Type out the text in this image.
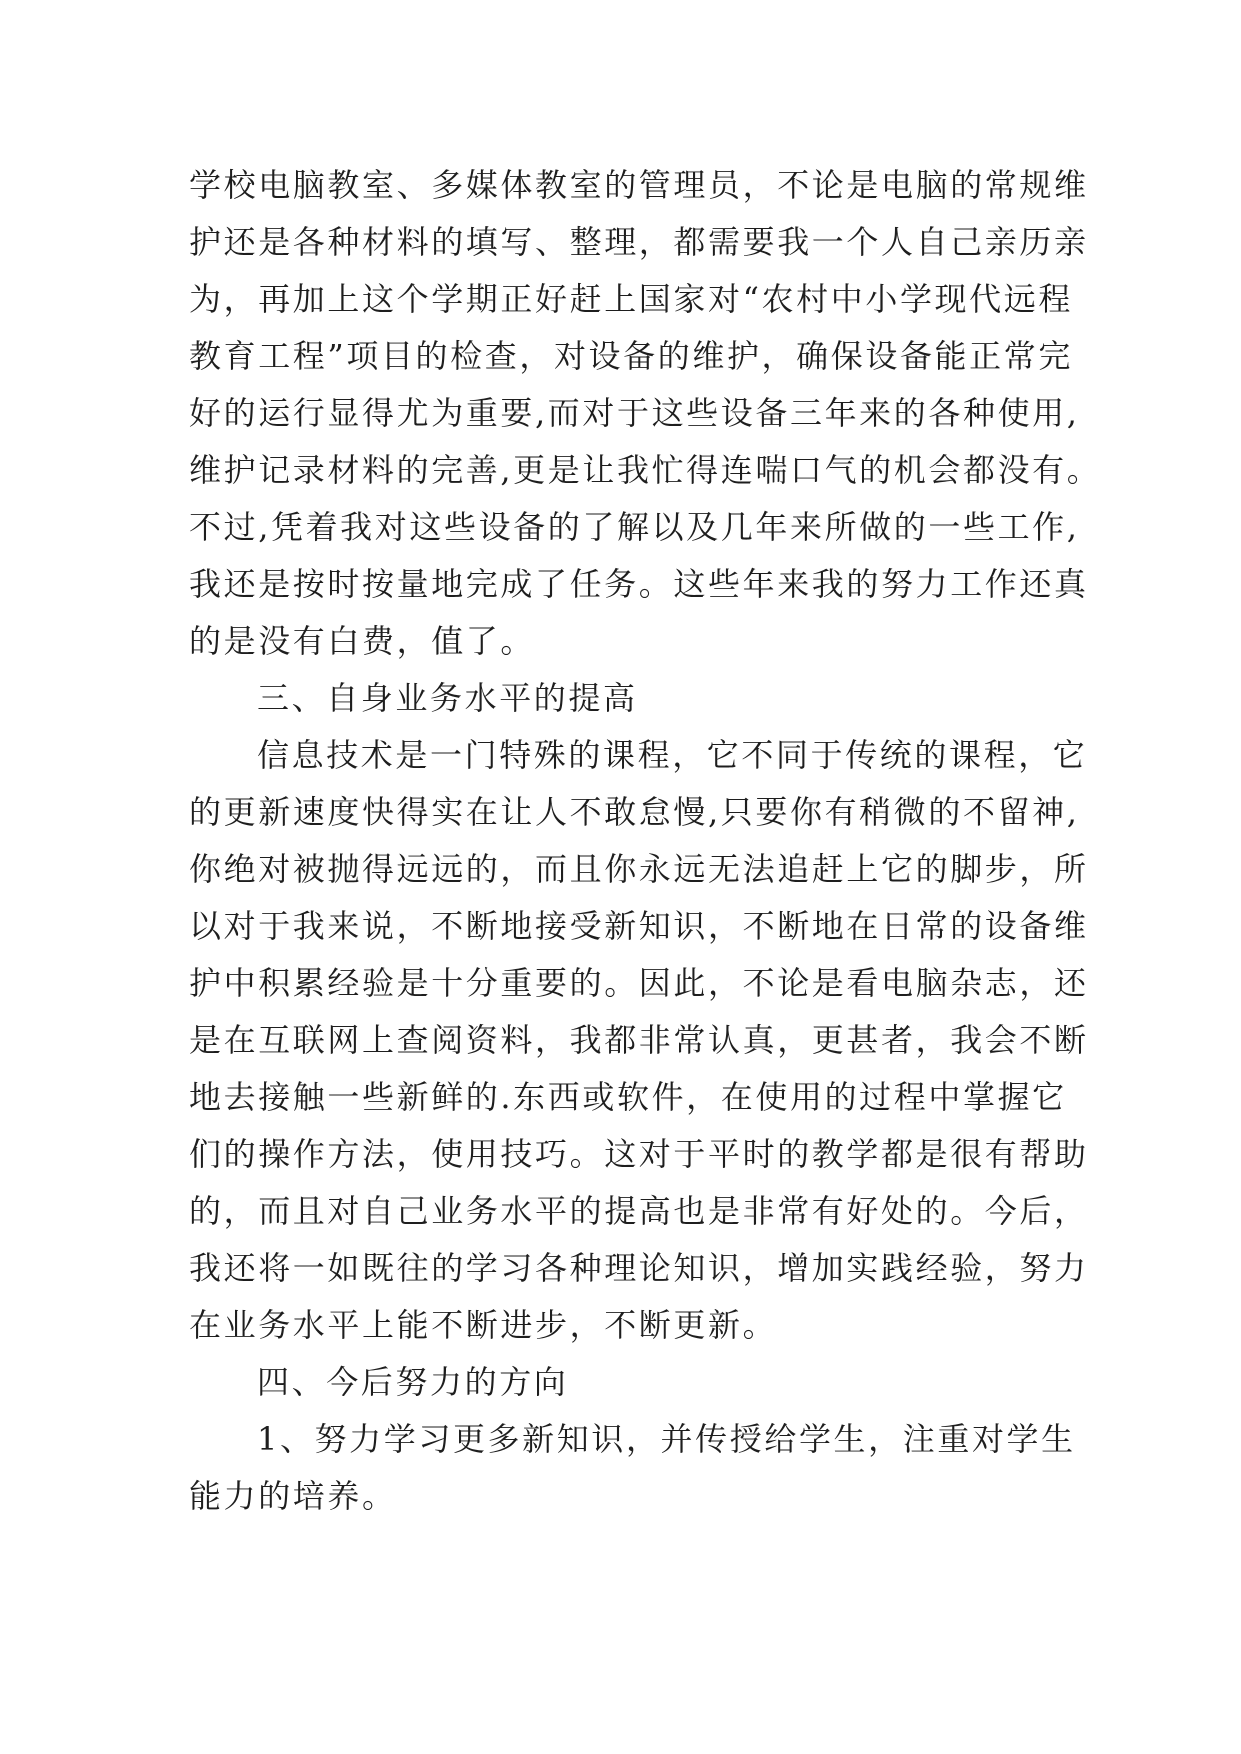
学校电脑教室、多媒体教室的管理员，不论是电脑的常规维
护还是各种材料的填写、整理，都需要我一个人自己亲历亲
为，再加上这个学期正好赶上国家对“农村中小学现代远程
教育工程”项目的检查，对设备的维护，确保设备能正常完
好的运行显得尤为重要,而对于这些设备三年来的各种使用,
维护记录材料的完善,更是让我忙得连喘口气的机会都没有。
不过,凭着我对这些设备的了解以及几年来所做的一些工作,
我还是按时按量地完成了任务。这些年来我的努力工作还真
的是没有白费，值了。
三、自身业务水平的提高
信息技术是一门特殊的课程，它不同于传统的课程，它
的更新速度快得实在让人不敢怠慢,只要你有稍微的不留神,
你绝对被抛得远远的，而且你永远无法追赶上它的脚步，所
以对于我来说，不断地接受新知识，不断地在日常的设备维
护中积累经验是十分重要的。因此，不论是看电脑杂志，还
是在互联网上查阅资料，我都非常认真，更甚者，我会不断
地去接触一些新鲜的.东西或软件，在使用的过程中掌握它
们的操作方法，使用技巧。这对于平时的教学都是很有帮助
的，而且对自己业务水平的提高也是非常有好处的。今后，
我还将一如既往的学习各种理论知识，增加实践经验，努力
在业务水平上能不断进步，不断更新。
四、今后努力的方向
1、努力学习更多新知识，并传授给学生，注重对学生
能力的培养。
